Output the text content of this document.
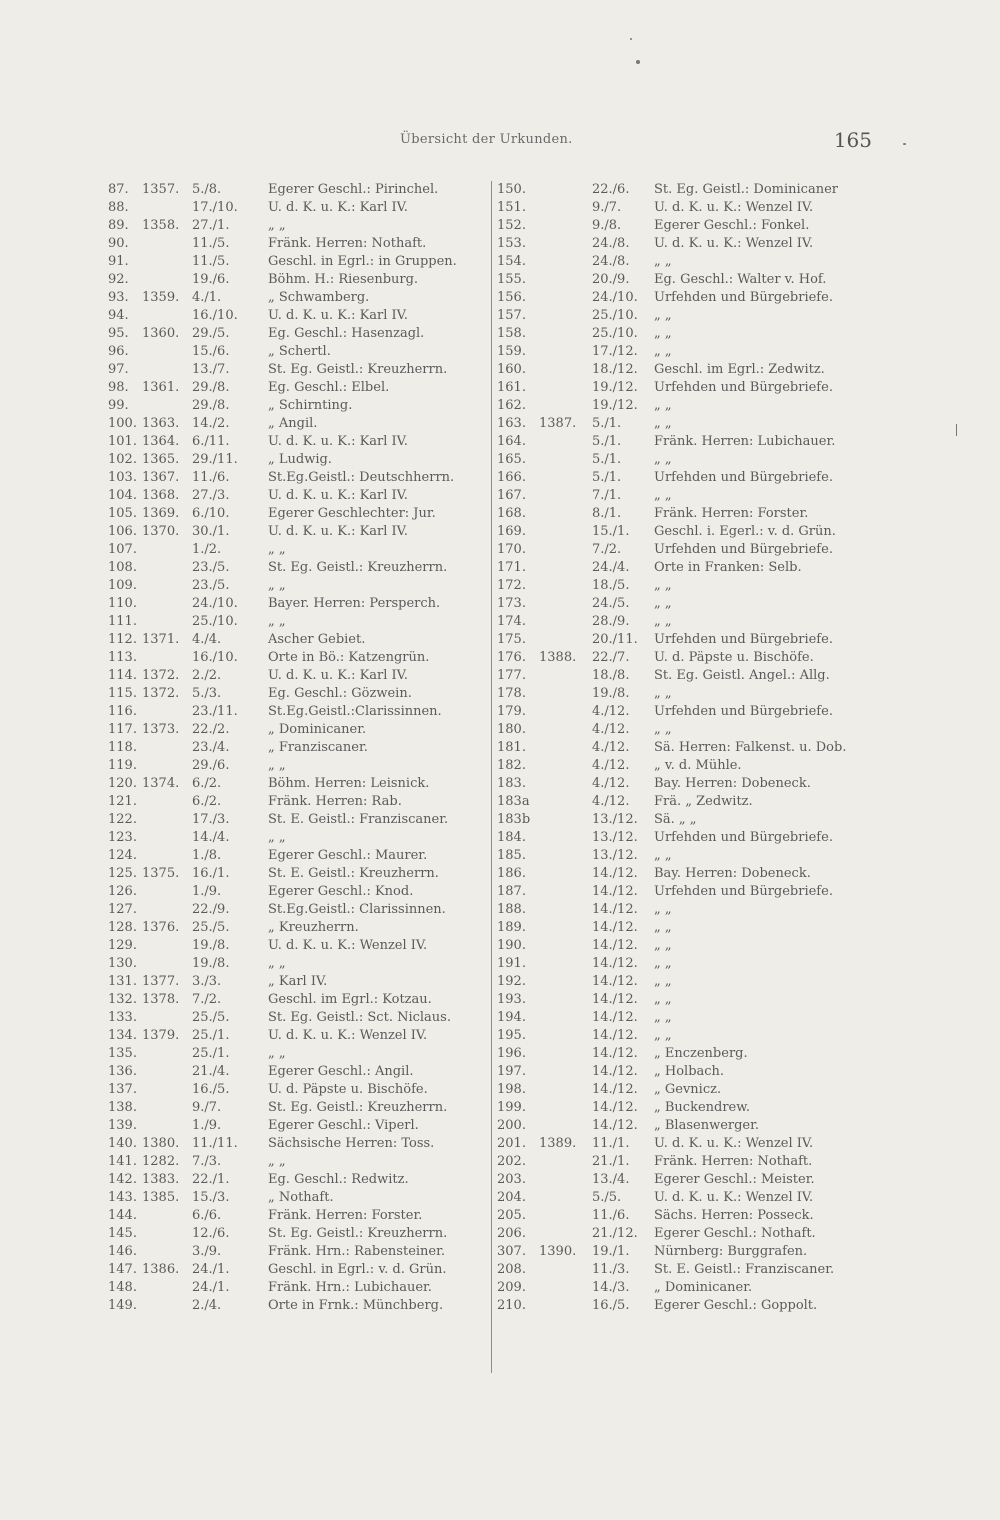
Übersicht der Urkunden.	165
87. 1357. 5./8.	Egerer Geschl.: Pirinchel.
88.	17./10. U. d. K. u. K.: Karl IV.
89. 1358. 27./1.	„ „
90.	11./5.	Fränk. Herren: Nothaft.
91.	11./5.	Geschl. in Egrl.: in Gruppen.
92.	19./6.	Böhm. H.: Riesenburg.
93. 1359. 4./1.	„ Schwamberg.
94.	16./10. U. d. K. u. K.: Karl IV.
95. 1360. 29./5.	Eg. Geschl.: Hasenzagl.
96.	15./6.	„ Schertl.
97.	13./7.	St. Eg. Geistl.: Kreuzherrn.
98. 1361. 29./8.	Eg. Geschl.: Elbel.
99.	29./8.	„ Schirnting.
100. 1363. 14./2.	„ Angil.
101. 1364. 6./11.	U. d. K. u. K.: Karl IV.
102. 1365. 29./11. „ Ludwig.
103. 1367. 11./6.	St.Eg.Geistl.: Deutschherrn.
104. 1368. 27./3.	U. d. K. u. K.: Karl IV.
105. 1369. 6./10.	Egerer Geschlechter: Jur.
106. 1370. 30./1.	U. d. K. u. K.: Karl IV.
107.	1./2.	„ „
108.	23./5.	St. Eg. Geistl.: Kreuzherrn.
109.	23./5.	„ „
110.	24./10. Bayer. Herren: Persperch.
111.	25./10. „ „
112. 1371. 4./4.	Ascher Gebiet.
113.	16./10. Orte in Bö.: Katzengrün.
114. 1372. 2./2.	U. d. K. u. K.: Karl IV.
115. 1372. 5./3.	Eg. Geschl.: Gözwein.
116.	23./11. St.Eg.Geistl.:Clarissinnen.
117. 1373. 22./2.	„ Dominicaner.
118.	23./4.	„ Franziscaner.
119.	29./6.	„ „
120. 1374. 6./2.	Böhm. Herren: Leisnick.
121.	6./2.	Fränk. Herren: Rab.
122.	17./3.	St. E. Geistl.: Franziscaner.
123.	14./4.	„ „
124.	1./8.	Egerer Geschl.: Maurer.
125. 1375. 16./1.	St. E. Geistl.: Kreuzherrn.
126.	1./9.	Egerer Geschl.: Knod.
127.	22./9.	St.Eg.Geistl.: Clarissinnen.
128. 1376. 25./5.	„ Kreuzherrn.
129.	19./8.	U. d. K. u. K.: Wenzel IV.
130.	19./8.	„ „
131. 1377. 3./3.	„ Karl IV.
132. 1378. 7./2.	Geschl. im Egrl.: Kotzau.
133.	25./5.	St. Eg. Geistl.: Sct. Niclaus.
134. 1379. 25./1.	U. d. K. u. K.: Wenzel IV.
135.	25./1.	„ „
136.	21./4.	Egerer Geschl.: Angil.
137.	16./5.	U. d. Päpste u. Bischöfe.
138.	9./7.	St. Eg. Geistl.: Kreuzherrn.
139.	1./9.	Egerer Geschl.: Viperl.
140. 1380. 11./11. Sächsische Herren: Toss.
141. 1282. 7./3.	„ „
142. 1383. 22./1.	Eg. Geschl.: Redwitz.
143. 1385. 15./3.	„ Nothaft.
144.	6./6.	Fränk. Herren: Forster.
145.	12./6.	St. Eg. Geistl.: Kreuzherrn.
146.	3./9.	Fränk. Hrn.: Rabensteiner.
147. 1386. 24./1.	Geschl. in Egrl.: v. d. Grün.
148.	24./1.	Fränk. Hrn.: Lubichauer.
149.	2./4.	Orte in Frnk.: Münchberg.
150.	22./6. St. Eg. Geistl.: Dominicaner
151.	9./7.	U. d. K. u. K.: Wenzel IV.
152.	9./8.	Egerer Geschl.: Fonkel.
153.	24./8. U. d. K. u. K.: Wenzel IV.
154.	24./8. „ „
155.	20./9. Eg. Geschl.: Walter v. Hof.
156.	24./10. Urfehden und Bürgebriefe.
157.	25./10. „ „
158.	25./10. „ „
159.	17./12. „ „
160.	18./12. Geschl. im Egrl.: Zedwitz.
161.	19./12. Urfehden und Bürgebriefe.
162.	19./12. „ „
163. 1387. 5./1.	„ „
164.	5./1.	Fränk. Herren: Lubichauer.
165.	5./1.	„ „
166.	5./1.	Urfehden und Bürgebriefe.
167.	7./1.	„ „
168.	8./1.	Fränk. Herren: Forster.
169.	15./1. Geschl. i. Egerl.: v. d. Grün.
170.	7./2.	Urfehden und Bürgebriefe.
171.	24./4. Orte in Franken: Selb.
172.	18./5. „ „
173.	24./5. „ „
174.	28./9. „ „
175.	20./11. Urfehden und Bürgebriefe.
176. 1388. 22./7. U. d. Päpste u. Bischöfe.
177.	18./8. St. Eg. Geistl. Angel.: Allg.
178.	19./8. „ „
179.	4./12. Urfehden und Bürgebriefe.
180.	4./12. „ „
181.	4./12. Sä. Herren: Falkenst. u. Dob.
182.	4./12. „ v. d. Mühle.
183.	4./12. Bay. Herren: Dobeneck.
183a	4./12. Frä. „ Zedwitz.
183b	13./12. Sä. „ „
184.	13./12. Urfehden und Bürgebriefe.
185.	13./12. „ „
186.	14./12. Bay. Herren: Dobeneck.
187.	14./12. Urfehden und Bürgebriefe.
188.	14./12. „ „
189.	14./12. „ „
190.	14./12. „ „
191.	14./12. „ „
192.	14./12. „ „
193.	14./12. „ „
194.	14./12. „ „
195.	14./12. „ „
196.	14./12. „ Enczenberg.
197.	14./12. „ Holbach.
198.	14./12. „ Gevnicz.
199.	14./12. „ Buckendrew.
200.	14./12. „ Blasenwerger.
201. 1389. 11./1. U. d. K. u. K.: Wenzel IV.
202.	21./1. Fränk. Herren: Nothaft.
203.	13./4. Egerer Geschl.: Meister.
204.	5./5.	U. d. K. u. K.: Wenzel IV.
205.	11./6. Sächs. Herren: Posseck.
206.	21./12. Egerer Geschl.: Nothaft.
307. 1390. 19./1. Nürnberg: Burggrafen.
208.	11./3. St. E. Geistl.: Franziscaner.
209.	14./3. „ Dominicaner.
210.	16./5. Egerer Geschl.: Goppolt.
